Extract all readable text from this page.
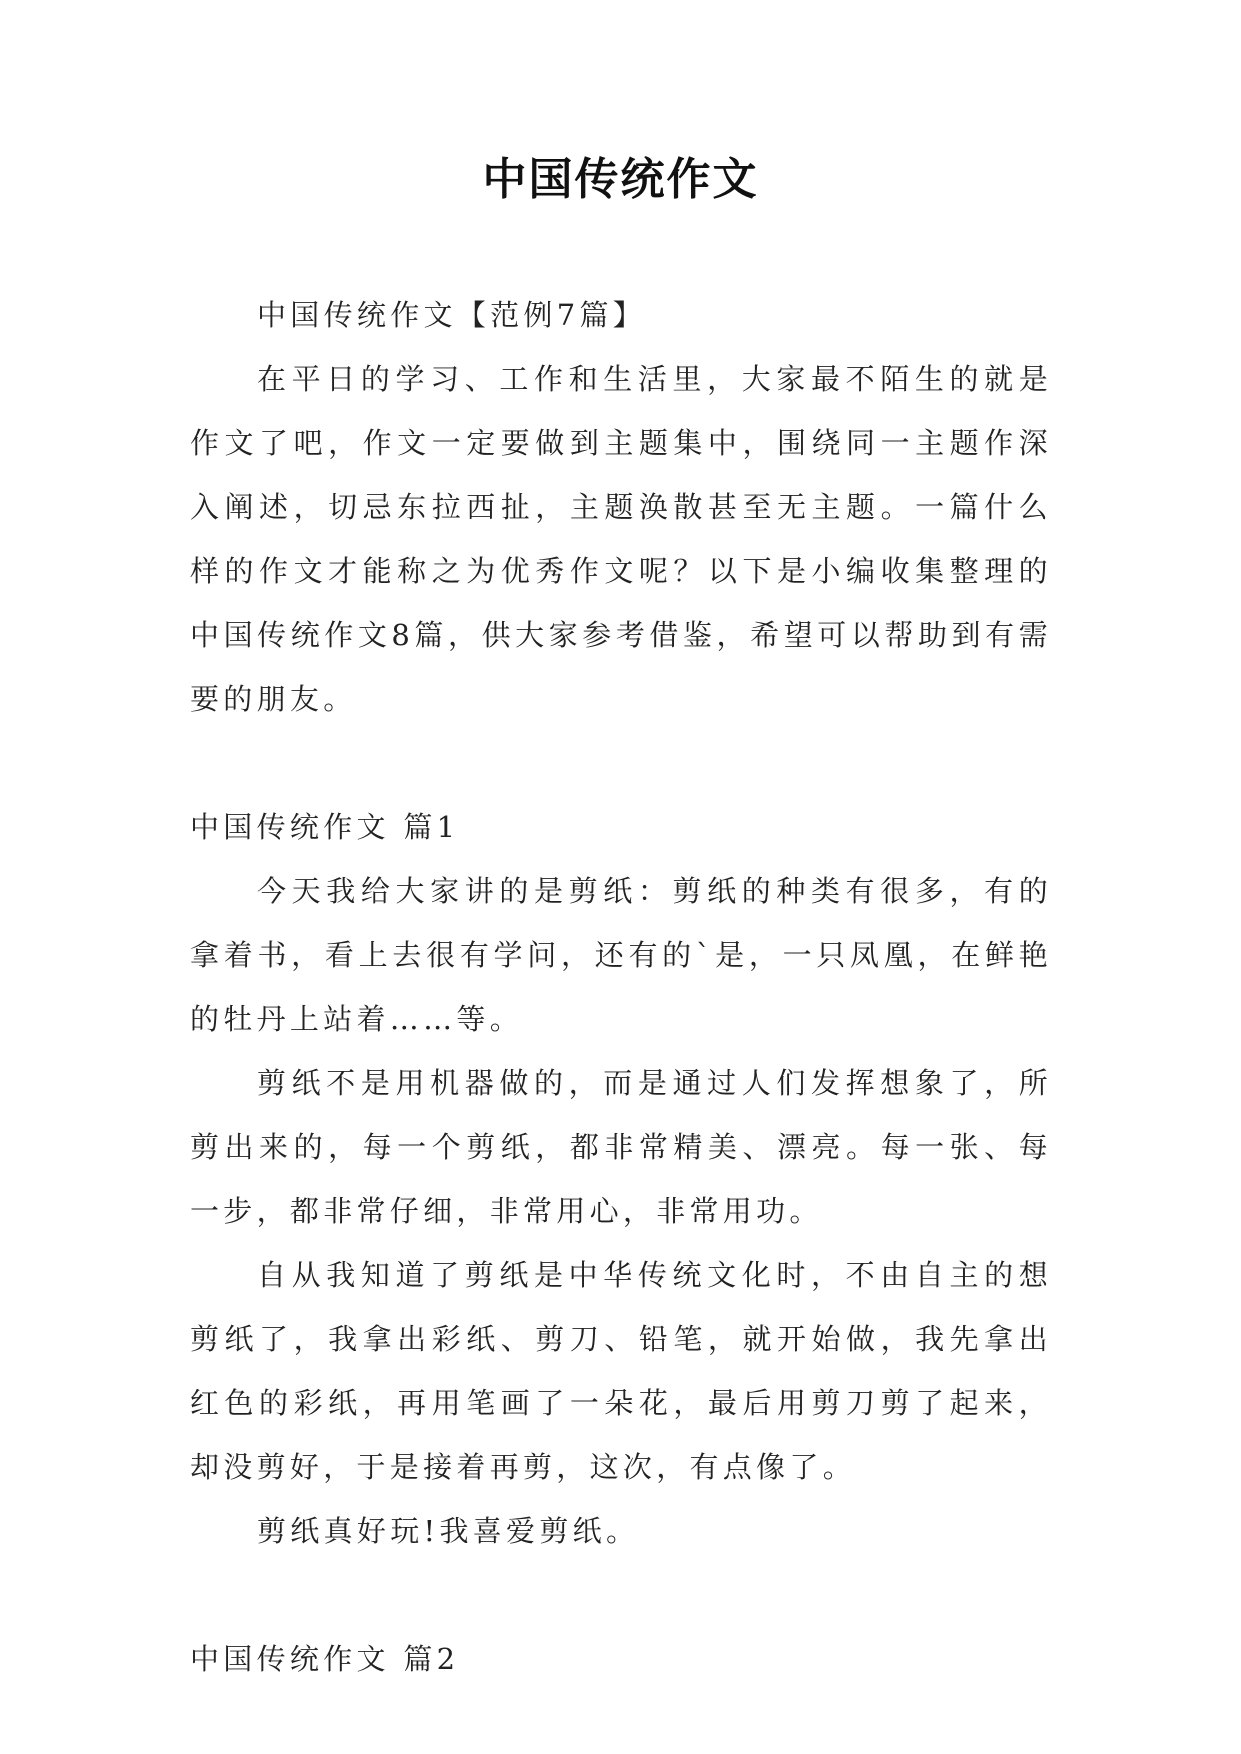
中国传统作文

中国传统作文【范例7篇】

在平日的学习、工作和生活里，大家最不陌生的就是作文了吧，作文一定要做到主题集中，围绕同一主题作深入阐述，切忌东拉西扯，主题涣散甚至无主题。一篇什么样的作文才能称之为优秀作文呢？以下是小编收集整理的中国传统作文8篇，供大家参考借鉴，希望可以帮助到有需要的朋友。

中国传统作文 篇1

今天我给大家讲的是剪纸：剪纸的种类有很多，有的拿着书，看上去很有学问，还有的`是，一只凤凰，在鲜艳的牡丹上站着……等。

剪纸不是用机器做的，而是通过人们发挥想象了，所剪出来的，每一个剪纸，都非常精美、漂亮。每一张、每一步，都非常仔细，非常用心，非常用功。

自从我知道了剪纸是中华传统文化时，不由自主的想剪纸了，我拿出彩纸、剪刀、铅笔，就开始做，我先拿出红色的彩纸，再用笔画了一朵花，最后用剪刀剪了起来，却没剪好，于是接着再剪，这次，有点像了。

剪纸真好玩!我喜爱剪纸。

中国传统作文 篇2
